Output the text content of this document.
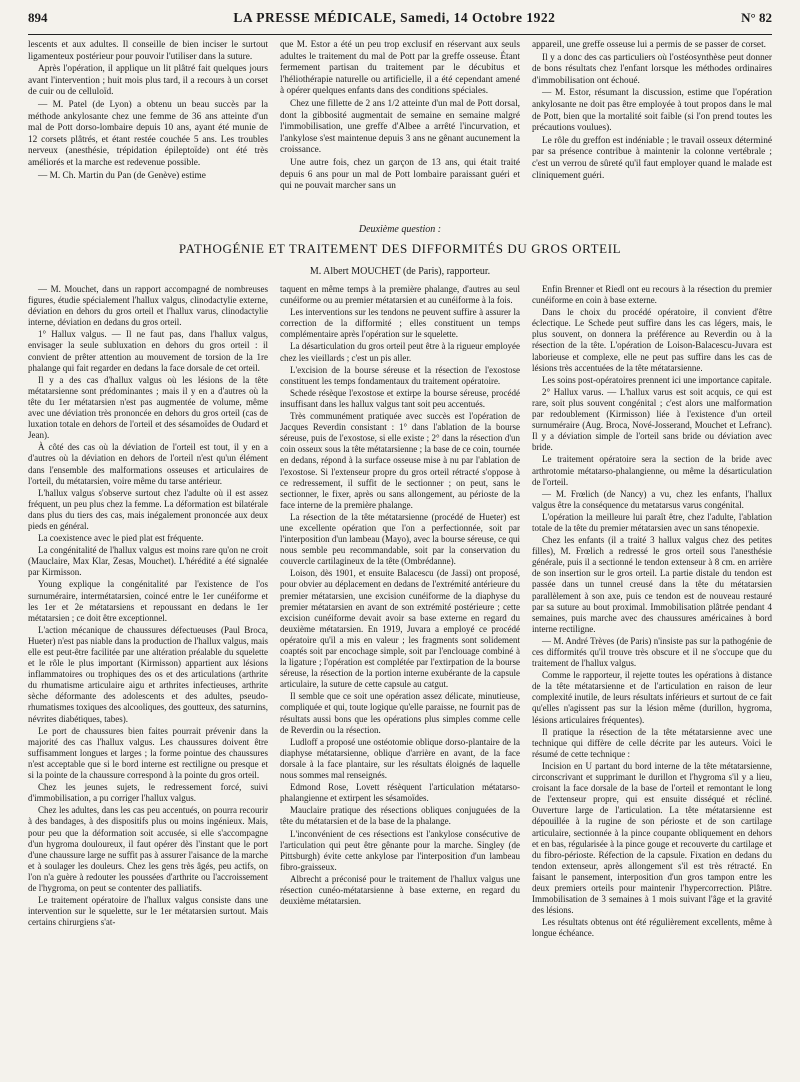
894	LA PRESSE MÉDICALE, Samedi, 14 Octobre 1922	N° 82

lescents et aux adultes. Il conseille de bien inciser le surtout ligamenteux postérieur pour pouvoir l'utiliser dans la suture.

Après l'opération, il applique un lit plâtré fait quelques jours avant l'intervention ; huit mois plus tard, il a recours à un corset de cuir ou de celluloïd.

— M. Patel (de Lyon) a obtenu un beau succès par la méthode ankylosante chez une femme de 36 ans atteinte d'un mal de Pott dorso-lombaire depuis 10 ans, ayant été munie de 12 corsets plâtrés, et étant restée couchée 5 ans. Les troubles nerveux (anesthésie, trépidation épileptoïde) ont été très améliorés et la marche est redevenue possible.

— M. Ch. Martin du Pan (de Genève) estime

que M. Estor a été un peu trop exclusif en réservant aux seuls adultes le traitement du mal de Pott par la greffe osseuse. Étant fermement partisan du traitement par le décubitus et l'héliothérapie naturelle ou artificielle, il a été cependant amené à opérer quelques enfants dans des conditions spéciales.

Chez une fillette de 2 ans 1/2 atteinte d'un mal de Pott dorsal, dont la gibbosité augmentait de semaine en semaine malgré l'immobilisation, une greffe d'Albee a arrêté l'incurvation, et l'ankylose s'est maintenue depuis 3 ans ne gênant aucunement la croissance.

Une autre fois, chez un garçon de 13 ans, qui était traité depuis 6 ans pour un mal de Pott lombaire paraissant guéri et qui ne pouvait marcher sans un

appareil, une greffe osseuse lui a permis de se passer de corset.

Il y a donc des cas particuliers où l'ostéosynthèse peut donner de bons résultats chez l'enfant lorsque les méthodes ordinaires d'immobilisation ont échoué.

— M. Estor, résumant la discussion, estime que l'opération ankylosante ne doit pas être employée à tout propos dans le mal de Pott, bien que la mortalité soit faible (si l'on prend toutes les précautions voulues).

Le rôle du greffon est indéniable ; le travail osseux déterminé par sa présence contribue à maintenir la colonne vertébrale ; c'est un verrou de sûreté qu'il faut employer quand le malade est cliniquement guéri.

Deuxième question :
PATHOGÉNIE ET TRAITEMENT DES DIFFORMITÉS DU GROS ORTEIL
M. Albert MOUCHET (de Paris), rapporteur.

— M. Mouchet, dans un rapport accompagné de nombreuses figures, étudie spécialement l'hallux valgus, clinodactylie externe, déviation en dehors du gros orteil et l'hallux varus, clinodactylie interne, déviation en dedans du gros orteil.

1° Hallux valgus. — Il ne faut pas, dans l'hallux valgus, envisager la seule subluxation en dehors du gros orteil : il convient de prêter attention au mouvement de torsion de la 1re phalange qui fait regarder en dedans la face dorsale de cet orteil.

Il y a des cas d'hallux valgus où les lésions de la tête métatarsienne sont prédominantes ; mais il y en a d'autres où la tête du 1er métatarsien n'est pas augmentée de volume, même avec une déviation très prononcée en dehors du gros orteil (cas de luxation totale en dehors de l'orteil et des sésamoïdes de Oudard et Jean).

À côté des cas où la déviation de l'orteil est tout, il y en a d'autres où la déviation en dehors de l'orteil n'est qu'un élément dans l'ensemble des malformations osseuses et articulaires de l'orteil, du métatarsien, voire même du tarse antérieur.

L'hallux valgus s'observe surtout chez l'adulte où il est assez fréquent, un peu plus chez la femme. La déformation est bilatérale dans plus du tiers des cas, mais inégalement prononcée aux deux pieds en général.

La coexistence avec le pied plat est fréquente.

La congénitalité de l'hallux valgus est moins rare qu'on ne croit (Mauclaire, Max Klar, Zesas, Mouchet). L'hérédité a été signalée par Kirmisson.

Young explique la congénitalité par l'existence de l'os surnuméraire, intermétatarsien, coincé entre le 1er cunéiforme et les 1er et 2e métatarsiens et repoussant en dedans le 1er métatarsien ; ce doit être exceptionnel.

L'action mécanique de chaussures défectueuses (Paul Broca, Hueter) n'est pas niable dans la production de l'hallux valgus, mais elle est peut-être facilitée par une altération préalable du squelette et le rôle le plus important (Kirmisson) appartient aux lésions inflammatoires ou trophiques des os et des articulations (arthrite du rhumatisme articulaire aigu et arthrites infectieuses, arthrite sèche déformante des adolescents et des adultes, pseudo-rhumatismes toxiques des alcooliques, des goutteux, des saturnins, névrites diabétiques, tabes).

Le port de chaussures bien faites pourrait prévenir dans la majorité des cas l'hallux valgus. Les chaussures doivent être suffisamment longues et larges ; la forme pointue des chaussures n'est acceptable que si le bord interne est rectiligne ou presque et si la pointe de la chaussure correspond à la pointe du gros orteil.

Chez les jeunes sujets, le redressement forcé, suivi d'immobilisation, a pu corriger l'hallux valgus.

Chez les adultes, dans les cas peu accentués, on pourra recourir à des bandages, à des dispositifs plus ou moins ingénieux. Mais, pour peu que la déformation soit accusée, si elle s'accompagne d'un hygroma douloureux, il faut opérer dès l'instant que le port d'une chaussure large ne suffit pas à assurer l'aisance de la marche et à soulager les douleurs. Chez les gens très âgés, peu actifs, on l'on n'a guère à redouter les poussées d'arthrite ou l'accroissement de l'hygroma, on peut se contenter des palliatifs.

Le traitement opératoire de l'hallux valgus consiste dans une intervention sur le squelette, sur le 1er métatarsien surtout. Mais certains chirurgiens s'at-

taquent en même temps à la première phalange, d'autres au seul cunéiforme ou au premier métatarsien et au cunéiforme à la fois.

Les interventions sur les tendons ne peuvent suffire à assurer la correction de la difformité ; elles constituent un temps complémentaire après l'opération sur le squelette.

La désarticulation du gros orteil peut être à la rigueur employée chez les vieillards ; c'est un pis aller.

L'excision de la bourse séreuse et la résection de l'exostose constituent les temps fondamentaux du traitement opératoire.

Schede résèque l'exostose et extirpe la bourse séreuse, procédé insuffisant dans les hallux valgus tant soit peu accentués.

Très communément pratiquée avec succès est l'opération de Jacques Reverdin consistant : 1° dans l'ablation de la bourse séreuse, puis de l'exostose, si elle existe ; 2° dans la résection d'un coin osseux sous la tête métatarsienne ; la base de ce coin, tournée en dedans, répond à la surface osseuse mise à nu par l'ablation de l'exostose. Si l'extenseur propre du gros orteil rétracté s'oppose à ce redressement, il suffit de le sectionner ; on peut, sans le sectionner, le fixer, après ou sans allongement, au périoste de la face interne de la première phalange.

La résection de la tête métatarsienne (procédé de Hueter) est une excellente opération que l'on a perfectionnée, soit par l'interposition d'un lambeau (Mayo), avec la bourse séreuse, ce qui nous semble peu recommandable, soit par la conservation du couvercle cartilagineux de la tête (Ombrédanne).

Loison, dès 1901, et ensuite Balacescu (de Jassi) ont proposé, pour obvier au déplacement en dedans de l'extrémité antérieure du premier métatarsien, une excision cunéiforme de la diaphyse du premier métatarsien en avant de son extrémité postérieure ; cette excision cunéiforme devait avoir sa base externe en regard du deuxième métatarsien. En 1919, Juvara a employé ce procédé opératoire qu'il a mis en valeur ; les fragments sont solidement coaptés soit par encochage simple, soit par l'enclouage combiné à la ligature ; l'opération est complétée par l'extirpation de la bourse séreuse, la résection de la portion interne exubérante de la capsule articulaire, la suture de cette capsule au catgut.

Il semble que ce soit une opération assez délicate, minutieuse, compliquée et qui, toute logique qu'elle paraisse, ne fournit pas de résultats aussi bons que les opérations plus simples comme celle de Reverdin ou la résection.

Ludloff a proposé une ostéotomie oblique dorso-plantaire de la diaphyse métatarsienne, oblique d'arrière en avant, de la face dorsale à la face plantaire, sur les résultats éloignés de laquelle nous sommes mal renseignés.

Edmond Rose, Lovett résèquent l'articulation métatarso-phalangienne et extirpent les sésamoïdes.

Mauclaire pratique des résections obliques conjuguées de la tête du métatarsien et de la base de la phalange.

L'inconvénient de ces résections est l'ankylose consécutive de l'articulation qui peut être gênante pour la marche. Singley (de Pittsburgh) évite cette ankylose par l'interposition d'un lambeau fibro-graisseux.

Albrecht a préconisé pour le traitement de l'hallux valgus une résection cunéo-métatarsienne à base externe, en regard du deuxième métatarsien.

Enfin Brenner et Riedl ont eu recours à la résection du premier cunéiforme en coin à base externe.

Dans le choix du procédé opératoire, il convient d'être éclectique. Le Schede peut suffire dans les cas légers, mais, le plus souvent, on donnera la préférence au Reverdin ou à la résection de la tête. L'opération de Loison-Balacescu-Juvara est laborieuse et complexe, elle ne peut pas suffire dans les cas de lésions très accentuées de la tête métatarsienne.

Les soins post-opératoires prennent ici une importance capitale.

2° Hallux varus. — L'hallux varus est soit acquis, ce qui est rare, soit plus souvent congénital ; c'est alors une malformation par redoublement (Kirmisson) liée à l'existence d'un orteil surnuméraire (Aug. Broca, Nové-Josserand, Mouchet et Lefranc). Il y a déviation simple de l'orteil sans bride ou déviation avec bride.

Le traitement opératoire sera la section de la bride avec arthrotomie métatarso-phalangienne, ou même la désarticulation de l'orteil.

— M. Frœlich (de Nancy) a vu, chez les enfants, l'hallux valgus être la conséquence du metatarsus varus congénital.

L'opération la meilleure lui paraît être, chez l'adulte, l'ablation totale de la tête du premier métatarsien avec un sans ténopexie.

Chez les enfants (il a traité 3 hallux valgus chez des petites filles), M. Frœlich a redressé le gros orteil sous l'anesthésie générale, puis il a sectionné le tendon extenseur à 8 cm. en arrière de son insertion sur le gros orteil. La partie distale du tendon est passée dans un tunnel creusé dans la tête du métatarsien parallèlement à son axe, puis ce tendon est de nouveau restauré par sa suture au bout proximal. Immobilisation plâtrée pendant 4 semaines, puis marche avec des chaussures américaines à bord interne rectiligne.

— M. André Trèves (de Paris) n'insiste pas sur la pathogénie de ces difformités qu'il trouve très obscure et il ne s'occupe que du traitement de l'hallux valgus.

Comme le rapporteur, il rejette toutes les opérations à distance de la tête métatarsienne et de l'articulation en raison de leur complexité inutile, de leurs résultats inférieurs et surtout de ce fait qu'elles n'agissent pas sur la lésion même (durillon, hygroma, lésions articulaires fréquentes).

Il pratique la résection de la tête métatarsienne avec une technique qui diffère de celle décrite par les auteurs. Voici le résumé de cette technique :

Incision en U partant du bord interne de la tête métatarsienne, circonscrivant et supprimant le durillon et l'hygroma s'il y a lieu, croisant la face dorsale de la base de l'orteil et remontant le long de l'extenseur propre, qui est ensuite disséqué et récliné. Ouverture large de l'articulation. La tête métatarsienne est dépouillée à la rugine de son périoste et de son cartilage articulaire, sectionnée à la pince coupante obliquement en dehors et en bas, régularisée à la pince gouge et recouverte du cartilage et du fibro-périoste. Réfection de la capsule. Fixation en dedans du tendon extenseur, après allongement s'il est très rétracté. En faisant le pansement, interposition d'un gros tampon entre les deux premiers orteils pour maintenir l'hypercorrection. Plâtre. Immobilisation de 3 semaines à 1 mois suivant l'âge et la gravité des lésions.

Les résultats obtenus ont été régulièrement excellents, même à longue échéance.
